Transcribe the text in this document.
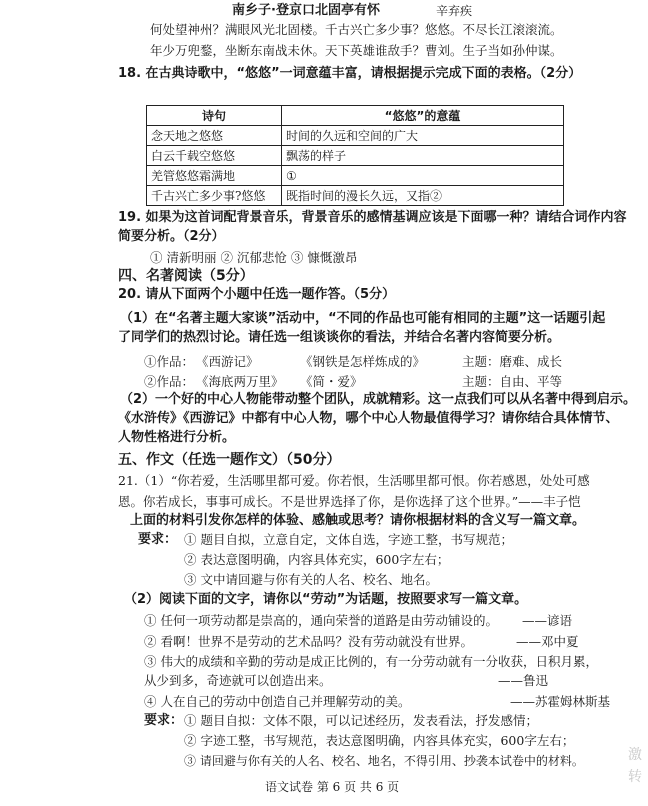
南乡子·登京口北固亭有怀	辛弃疾
何处望神州？满眼风光北固楼。千古兴亡多少事？悠悠。不尽长江滚滚流。
年少万兜鍪，坐断东南战未休。天下英雄谁敌手？曹刘。生子当如孙仲谋。
18. 在古典诗歌中，“悠悠”一词意蕴丰富，请根据提示完成下面的表格。（2分）
诗句	“悠悠”的意蕴
念天地之悠悠	时间的久远和空间的广大
白云千载空悠悠	飘荡的样子
羌管悠悠霜满地	①
千古兴亡多少事?悠悠	既指时间的漫长久远，又指②
19. 如果为这首词配背景音乐，背景音乐的感情基调应该是下面哪一种？请结合词作内容
简要分析。（2分）
① 清新明丽 ② 沉郁悲怆 ③ 慷慨激昂
四、名著阅读（5分）
20. 请从下面两个小题中任选一题作答。（5分）
（1）在“名著主题大家谈”活动中，“不同的作品也可能有相同的主题”这一话题引起
了同学们的热烈讨论。请任选一组谈谈你的看法，并结合名著内容简要分析。
①作品： 《西游记》	《钢铁是怎样炼成的》	主题：磨难、成长
②作品： 《海底两万里》 《简・爱》	主题：自由、平等
（2）一个好的中心人物能带动整个团队，成就精彩。这一点我们可以从名著中得到启示。
《水浒传》《西游记》中都有中心人物，哪个中心人物最值得学习？请你结合具体情节、
人物性格进行分析。
五、作文（任选一题作文）（50分）
21.（1）“你若爱，生活哪里都可爱。你若恨，生活哪里都可恨。你若感恩，处处可感
恩。你若成长，事事可成长。不是世界选择了你，是你选择了这个世界。”——丰子恺
上面的材料引发你怎样的体验、感触或思考？请你根据材料的含义写一篇文章。
要求： ① 题目自拟，立意自定，文体自选，字迹工整，书写规范；
② 表达意图明确，内容具体充实，600字左右；
③ 文中请回避与你有关的人名、校名、地名。
（2）阅读下面的文字，请你以“劳动”为话题，按照要求写一篇文章。
① 任何一项劳动都是崇高的，通向荣誉的道路是由劳动铺设的。 ——谚语
② 看啊！世界不是劳动的艺术品吗？没有劳动就没有世界。	——邓中夏
③ 伟大的成绩和辛勤的劳动是成正比例的，有一分劳动就有一分收获，日积月累，
从少到多，奇迹就可以创造出来。	——鲁迅
④ 人在自己的劳动中创造自己并理解劳动的美。	——苏霍姆林斯基
要求： ① 题目自拟：文体不限，可以记述经历，发表看法，抒发感情；
② 字迹工整，书写规范，表达意图明确，内容具体充实，600字左右；
③ 请回避与你有关的人名、校名、地名，不得引用、抄袭本试卷中的材料。
语文试卷 第 6 页 共 6 页
激
转
